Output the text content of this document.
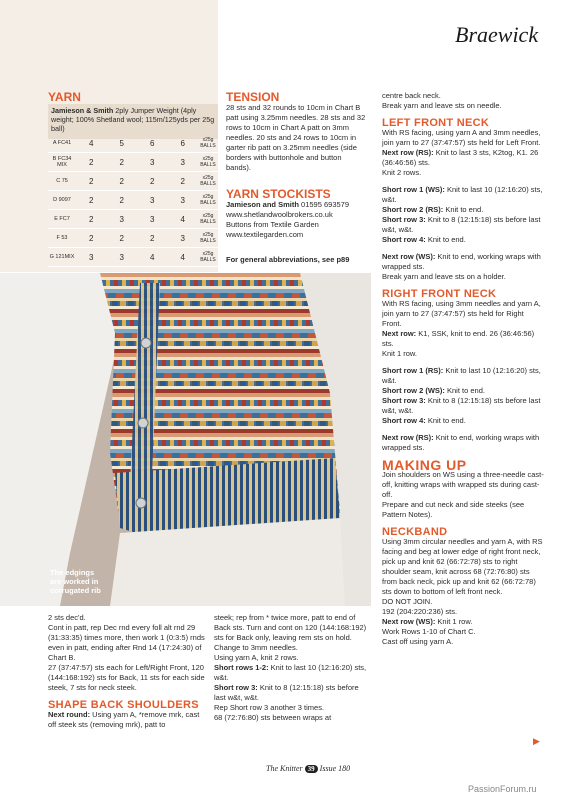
Braewick
YARN
Jamieson & Smith 2ply Jumper Weight (4ply weight; 100% Shetland wool; 115m/125yds per 25g ball)
A FC41	4	5	6	6	x25g BALLS
B FC34 MIX	2	2	3	3	x25g BALLS
C 75	2	2	2	2	x25g BALLS
D 9097	2	2	3	3	x25g BALLS
E FC7	2	3	3	4	x25g BALLS
F 53	2	2	2	3	x25g BALLS
G 121MIX	3	3	4	4	x25g BALLS
TENSION
28 sts and 32 rounds to 10cm in Chart B patt using 3.25mm needles. 28 sts and 32 rows to 10cm in Chart A patt on 3mm needles. 20 sts and 24 rows to 10cm in garter rib patt on 3.25mm needles (side borders with buttonhole and button bands).
YARN STOCKISTS
Jamieson and Smith 01595 693579
www.shetlandwoolbrokers.co.uk
Buttons from Textile Garden
www.textilegarden.com
For general abbreviations, see p89
The edgings
are worked in
corrugated rib
2 sts dec'd.
Cont in patt, rep Dec rnd every foll alt rnd 29 (31:33:35) times more, then work 1 (0:3:5) rnds even in patt, ending after Rnd 14 (17:24:30) of Chart B.
27 (37:47:57) sts each for Left/Right Front, 120 (144:168:192) sts for Back, 11 sts for each side steek, 7 sts for neck steek.
SHAPE BACK SHOULDERS
Next round: Using yarn A, *remove mrk, cast off steek sts (removing mrk), patt to
steek; rep from * twice more, patt to end of Back sts. Turn and cont on 120 (144:168:192) sts for Back only, leaving rem sts on hold.
Change to 3mm needles.
Using yarn A, knit 2 rows.
Short rows 1-2: Knit to last 10 (12:16:20) sts, w&t.
Short row 3: Knit to 8 (12:15:18) sts before last w&t, w&t.
Rep Short row 3 another 3 times.
68 (72:76:80) sts between wraps at
centre back neck.
Break yarn and leave sts on needle.
LEFT FRONT NECK
With RS facing, using yarn A and 3mm needles, join yarn to 27 (37:47:57) sts held for Left Front.
Next row (RS): Knit to last 3 sts, K2tog, K1. 26 (36:46:56) sts.
Knit 2 rows.
Short row 1 (WS): Knit to last 10 (12:16:20) sts, w&t.
Short row 2 (RS): Knit to end.
Short row 3: Knit to 8 (12:15:18) sts before last w&t, w&t.
Short row 4: Knit to end.
Next row (WS): Knit to end, working wraps with wrapped sts.
Break yarn and leave sts on a holder.
RIGHT FRONT NECK
With RS facing, using 3mm needles and yarn A, join yarn to 27 (37:47:57) sts held for Right Front.
Next row: K1, SSK, knit to end. 26 (36:46:56) sts.
Knit 1 row.
Short row 1 (RS): Knit to last 10 (12:16:20) sts, w&t.
Short row 2 (WS): Knit to end.
Short row 3: Knit to 8 (12:15:18) sts before last w&t, w&t.
Short row 4: Knit to end.
Next row (RS): Knit to end, working wraps with wrapped sts.
MAKING UP
Join shoulders on WS using a three-needle cast-off, knitting wraps with wrapped sts during cast-off.
Prepare and cut neck and side steeks (see Pattern Notes).
NECKBAND
Using 3mm circular needles and yarn A, with RS facing and beg at lower edge of right front neck, pick up and knit 62 (66:72:78) sts to right shoulder seam, knit across 68 (72:76:80) sts from back neck, pick up and knit 62 (66:72:78) sts down to bottom of left front neck.
DO NOT JOIN.
192 (204:220:236) sts.
Next row (WS): Knit 1 row.
Work Rows 1-10 of Chart C.
Cast off using yarn A.
▶
The Knitter 39 Issue 180
PassionForum.ru
